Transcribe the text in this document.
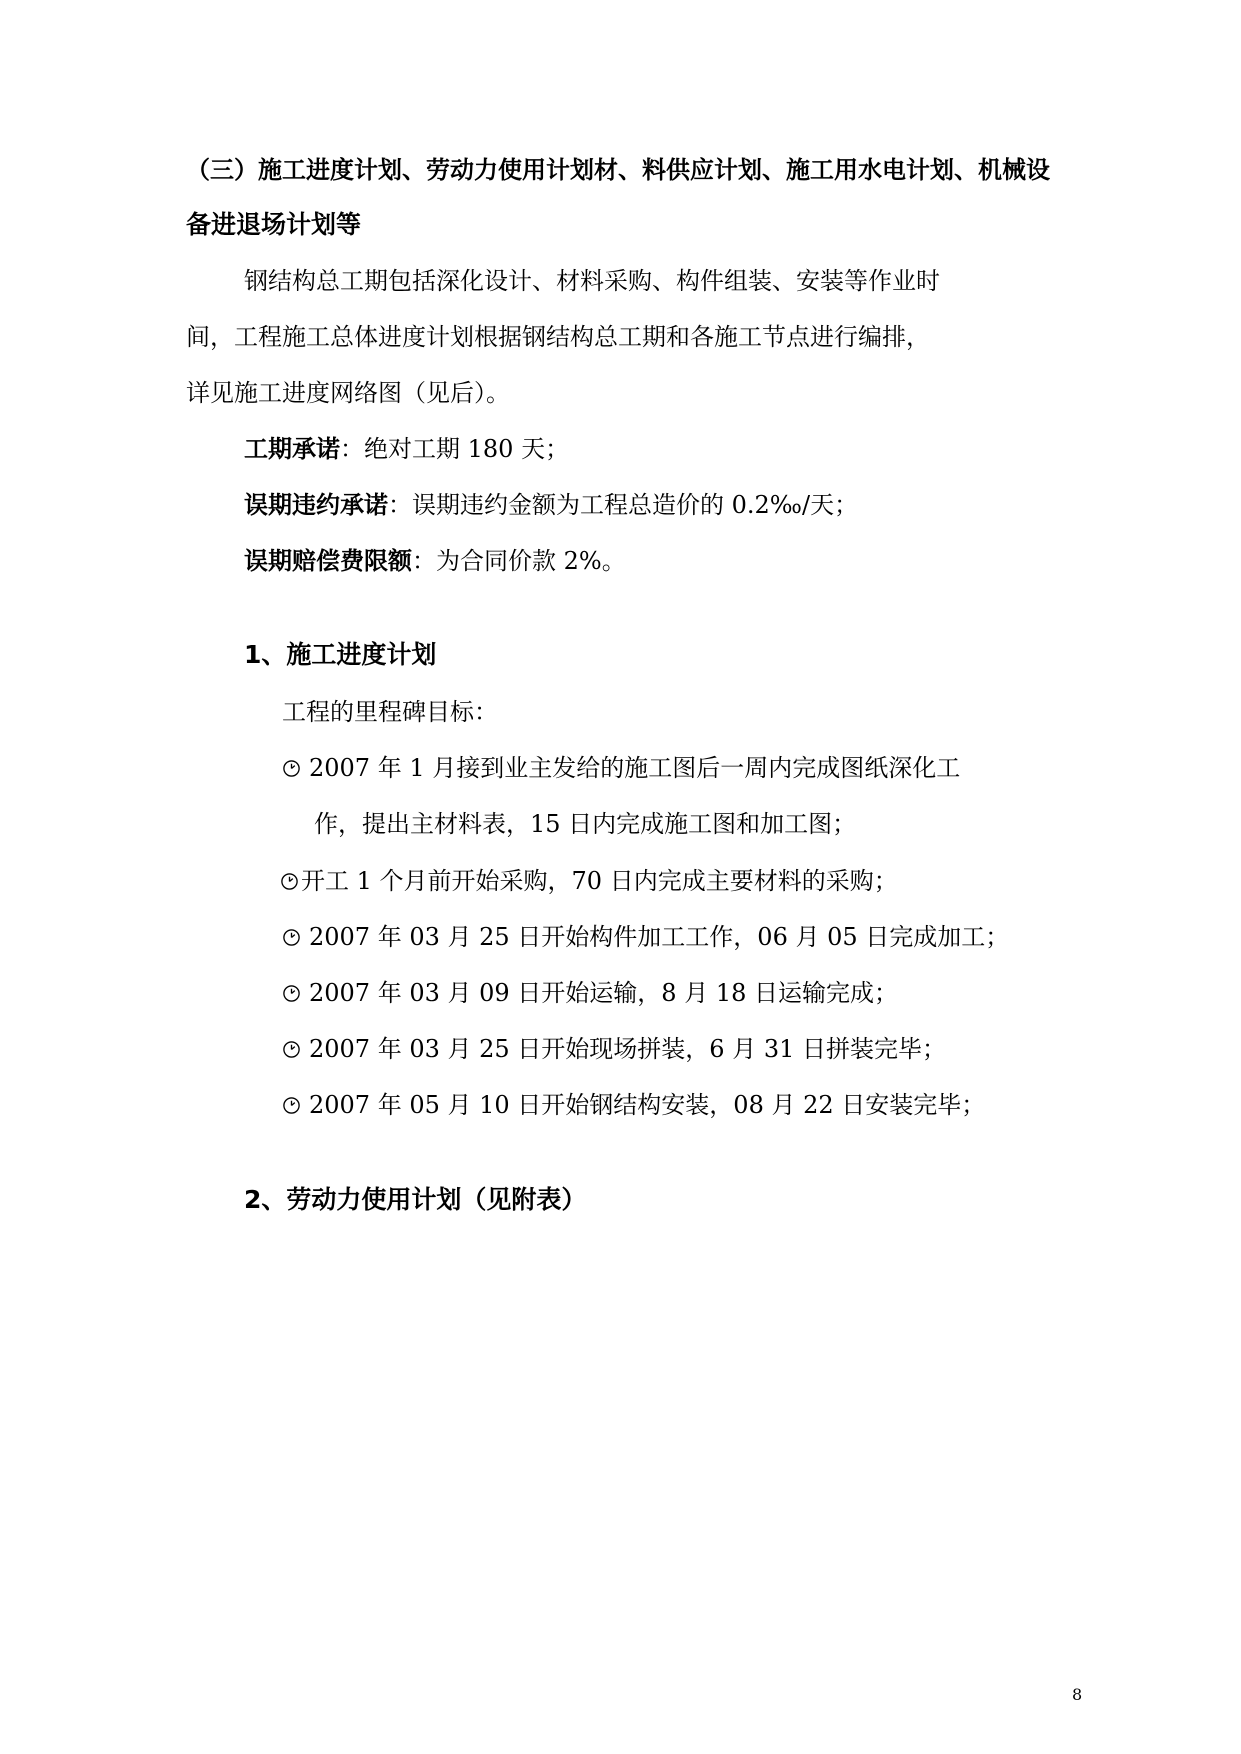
（三）施工进度计划、劳动力使用计划材、料供应计划、施工用水电计划、机械设
备进退场计划等
钢结构总工期包括深化设计、材料采购、构件组装、安装等作业时
间，工程施工总体进度计划根据钢结构总工期和各施工节点进行编排，
详见施工进度网络图（见后）。
工期承诺：绝对工期 180 天；
误期违约承诺：误期违约金额为工程总造价的 0.2‰/天；
误期赔偿费限额：为合同价款 2%。
1、施工进度计划
工程的里程碑目标：
2007 年 1 月接到业主发给的施工图后一周内完成图纸深化工
作，提出主材料表，15 日内完成施工图和加工图；
开工 1 个月前开始采购，70 日内完成主要材料的采购；
2007 年 03 月 25 日开始构件加工工作，06 月 05 日完成加工；
2007 年 03 月 09 日开始运输，8 月 18 日运输完成；
2007 年 03 月 25 日开始现场拼装，6 月 31 日拼装完毕；
2007 年 05 月 10 日开始钢结构安装，08 月 22 日安装完毕；
2、劳动力使用计划（见附表）
8
